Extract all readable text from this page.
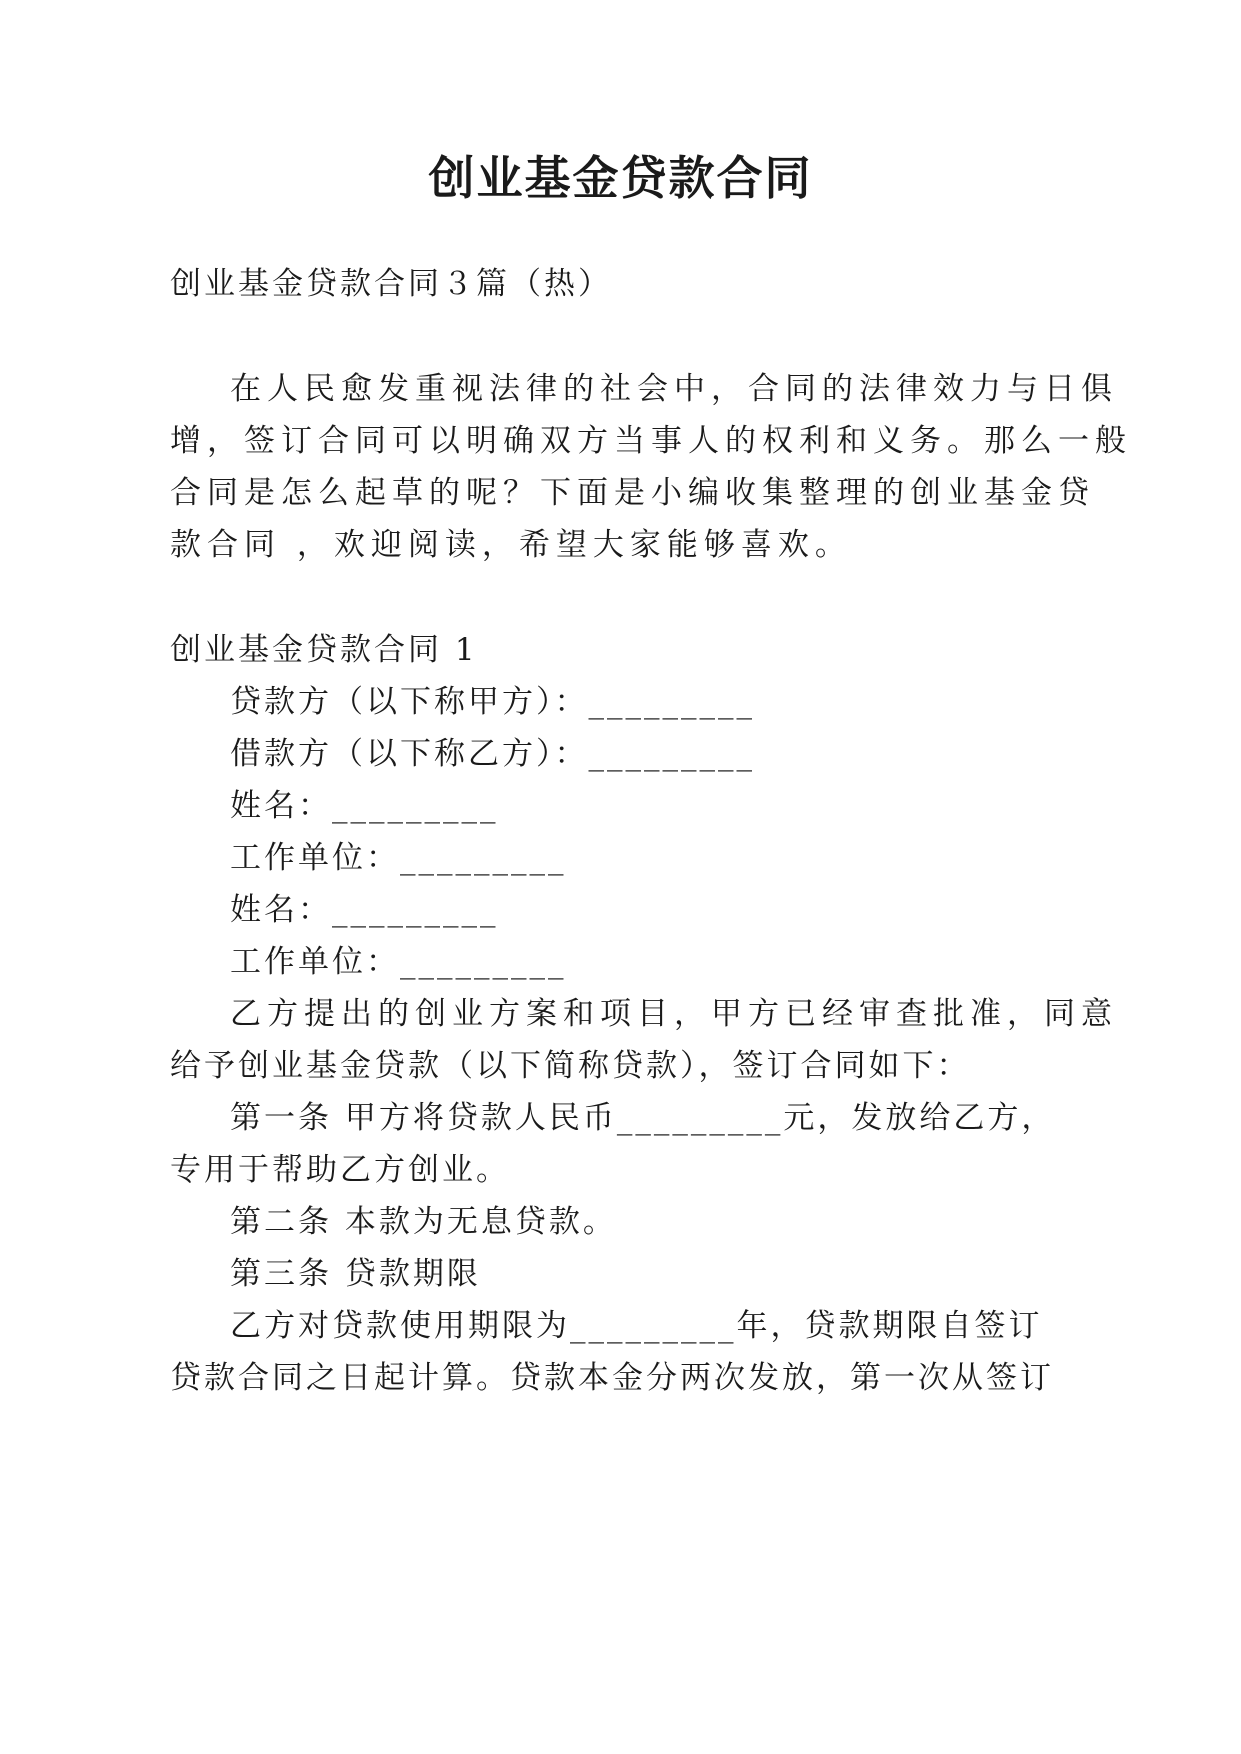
创业基金贷款合同
创业基金贷款合同３篇（热）
在人民愈发重视法律的社会中，合同的法律效力与日俱
增，签订合同可以明确双方当事人的权利和义务。那么一般
合同是怎么起草的呢？下面是小编收集整理的创业基金贷
款合同 ，欢迎阅读，希望大家能够喜欢。
创业基金贷款合同 1
贷款方（以下称甲方）：_________
借款方（以下称乙方）：_________
姓名：_________
工作单位：_________
姓名：_________
工作单位：_________
乙方提出的创业方案和项目，甲方已经审查批准，同意
给予创业基金贷款（以下简称贷款），签订合同如下：
第一条 甲方将贷款人民币_________元，发放给乙方，
专用于帮助乙方创业。
第二条 本款为无息贷款。
第三条 贷款期限
乙方对贷款使用期限为_________年，贷款期限自签订
贷款合同之日起计算。贷款本金分两次发放，第一次从签订
